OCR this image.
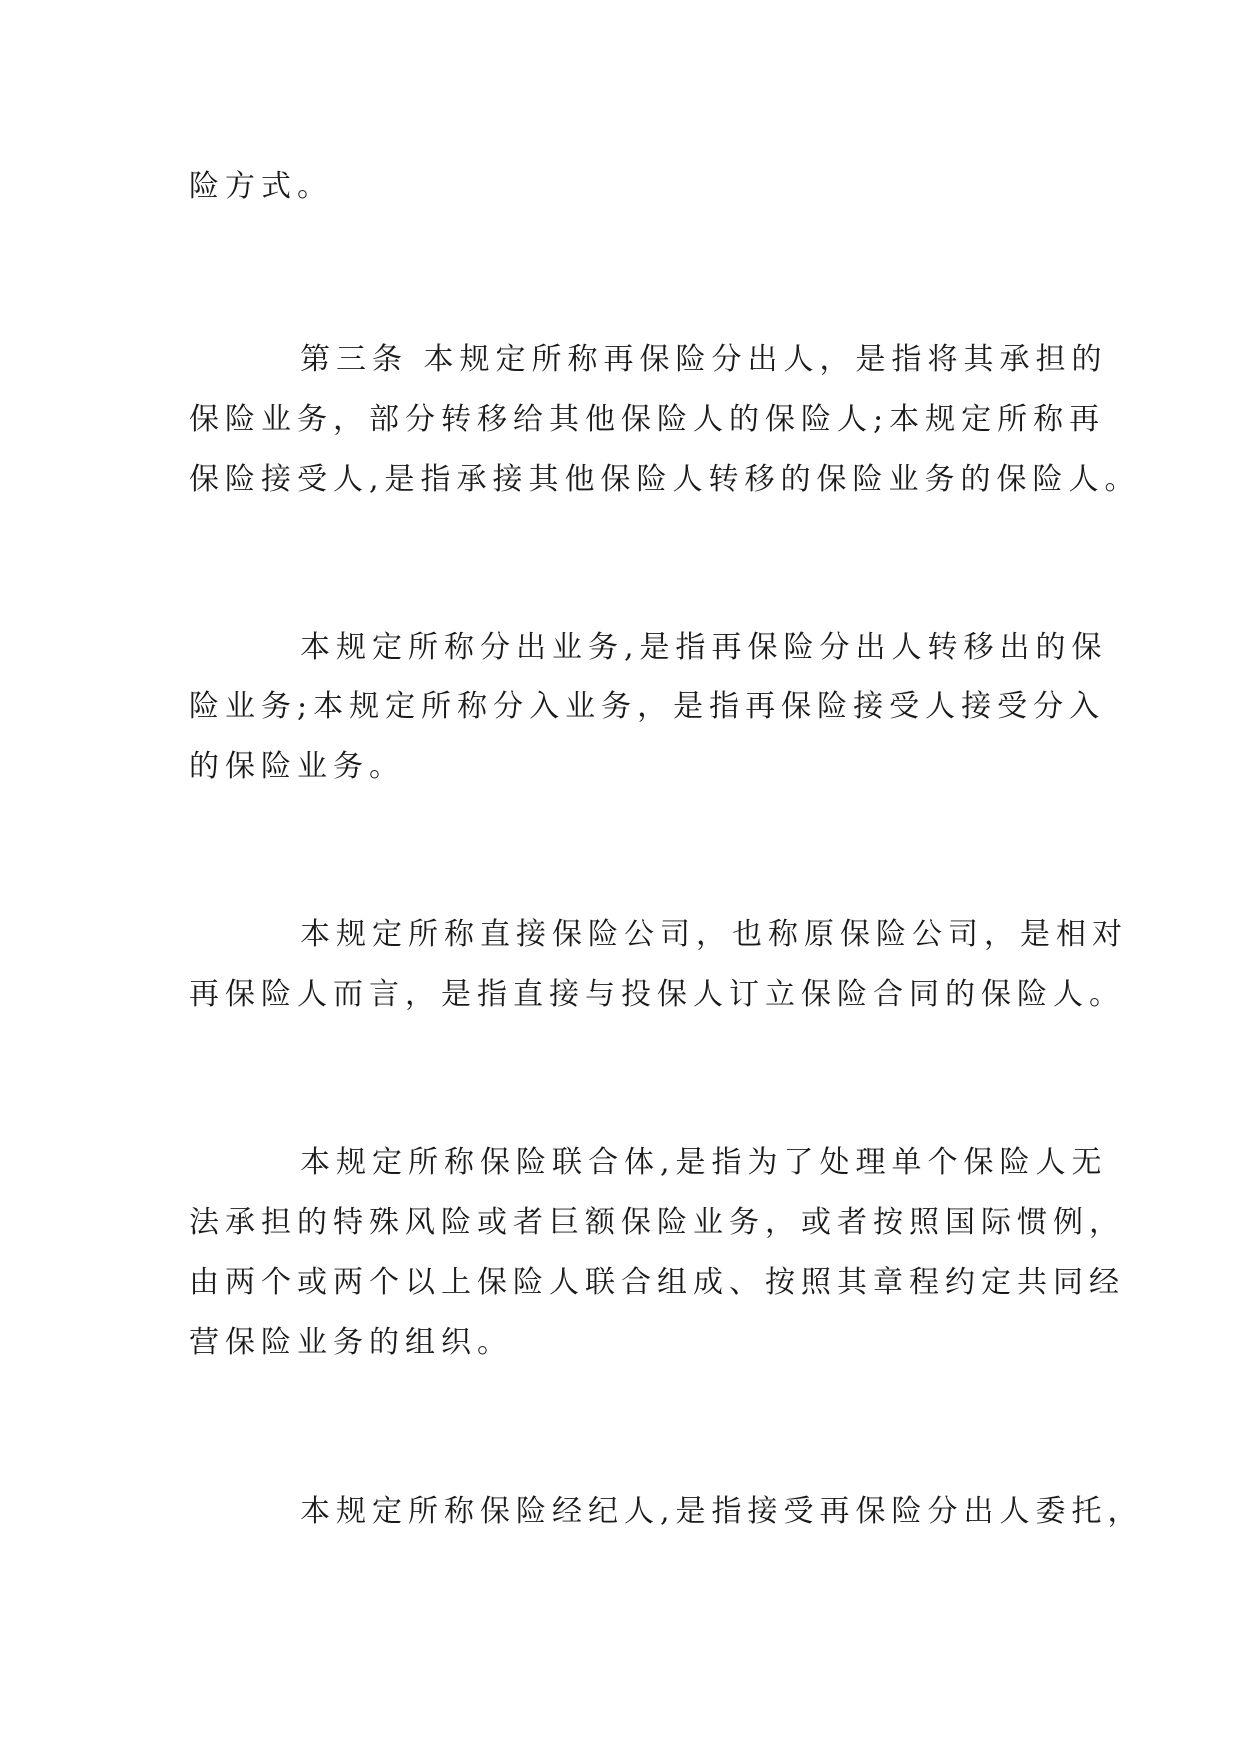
险方式。
第三条 本规定所称再保险分出人，是指将其承担的
保险业务，部分转移给其他保险人的保险人;本规定所称再
保险接受人,是指承接其他保险人转移的保险业务的保险人。
本规定所称分出业务,是指再保险分出人转移出的保
险业务;本规定所称分入业务，是指再保险接受人接受分入
的保险业务。
本规定所称直接保险公司，也称原保险公司，是相对
再保险人而言，是指直接与投保人订立保险合同的保险人。
本规定所称保险联合体,是指为了处理单个保险人无
法承担的特殊风险或者巨额保险业务，或者按照国际惯例，
由两个或两个以上保险人联合组成、按照其章程约定共同经
营保险业务的组织。
本规定所称保险经纪人,是指接受再保险分出人委托，
